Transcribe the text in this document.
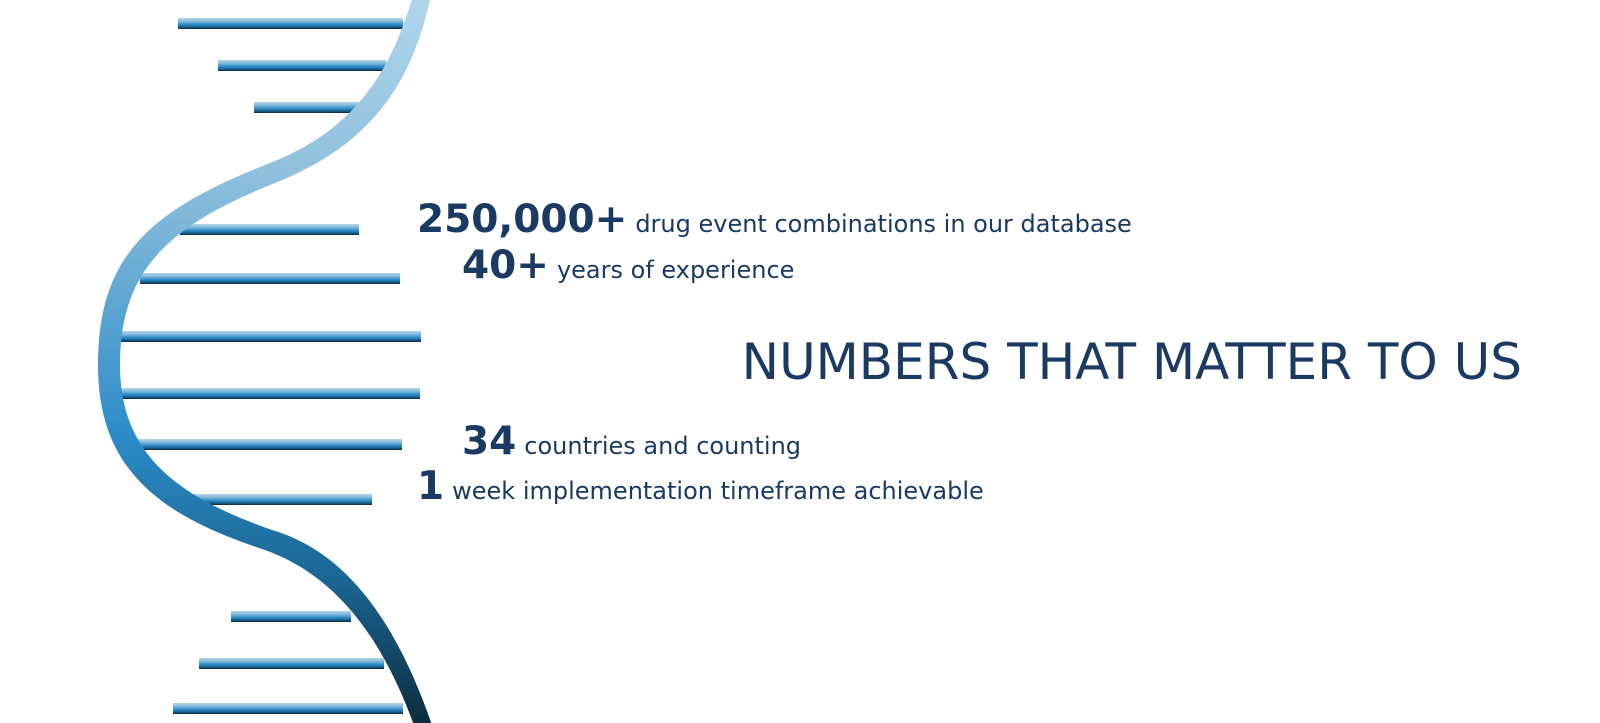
250,000+ drug event combinations in our database
40+ years of experience
NUMBERS THAT MATTER TO US
34 countries and counting
1 week implementation timeframe achievable
